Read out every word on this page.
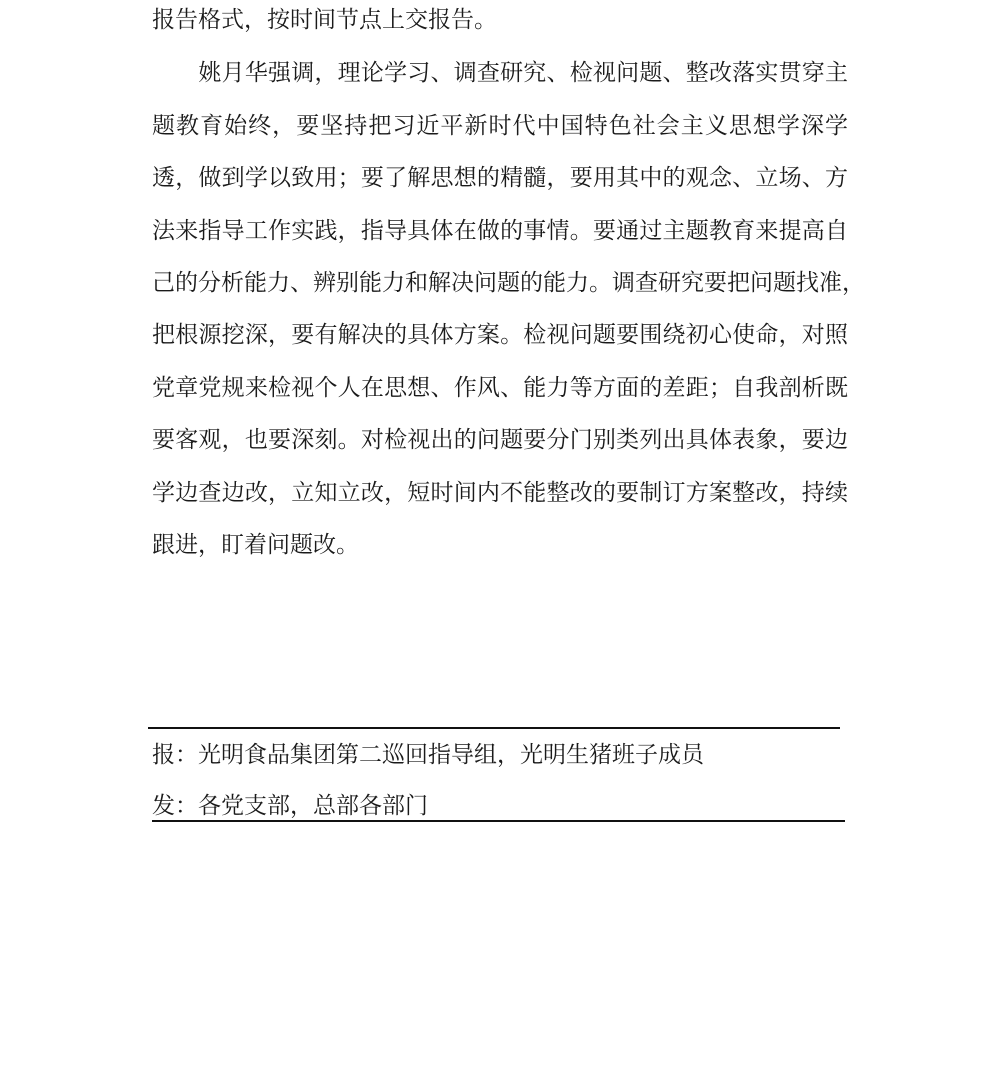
报告格式，按时间节点上交报告。
　　姚月华强调，理论学习、调查研究、检视问题、整改落实贯穿主
题教育始终，要坚持把习近平新时代中国特色社会主义思想学深学
透，做到学以致用；要了解思想的精髓，要用其中的观念、立场、方
法来指导工作实践，指导具体在做的事情。要通过主题教育来提高自
己的分析能力、辨别能力和解决问题的能力。调查研究要把问题找准，
把根源挖深，要有解决的具体方案。检视问题要围绕初心使命，对照
党章党规来检视个人在思想、作风、能力等方面的差距；自我剖析既
要客观，也要深刻。对检视出的问题要分门别类列出具体表象，要边
学边查边改，立知立改，短时间内不能整改的要制订方案整改，持续
跟进，盯着问题改。
报：光明食品集团第二巡回指导组，光明生猪班子成员
发：各党支部，总部各部门
